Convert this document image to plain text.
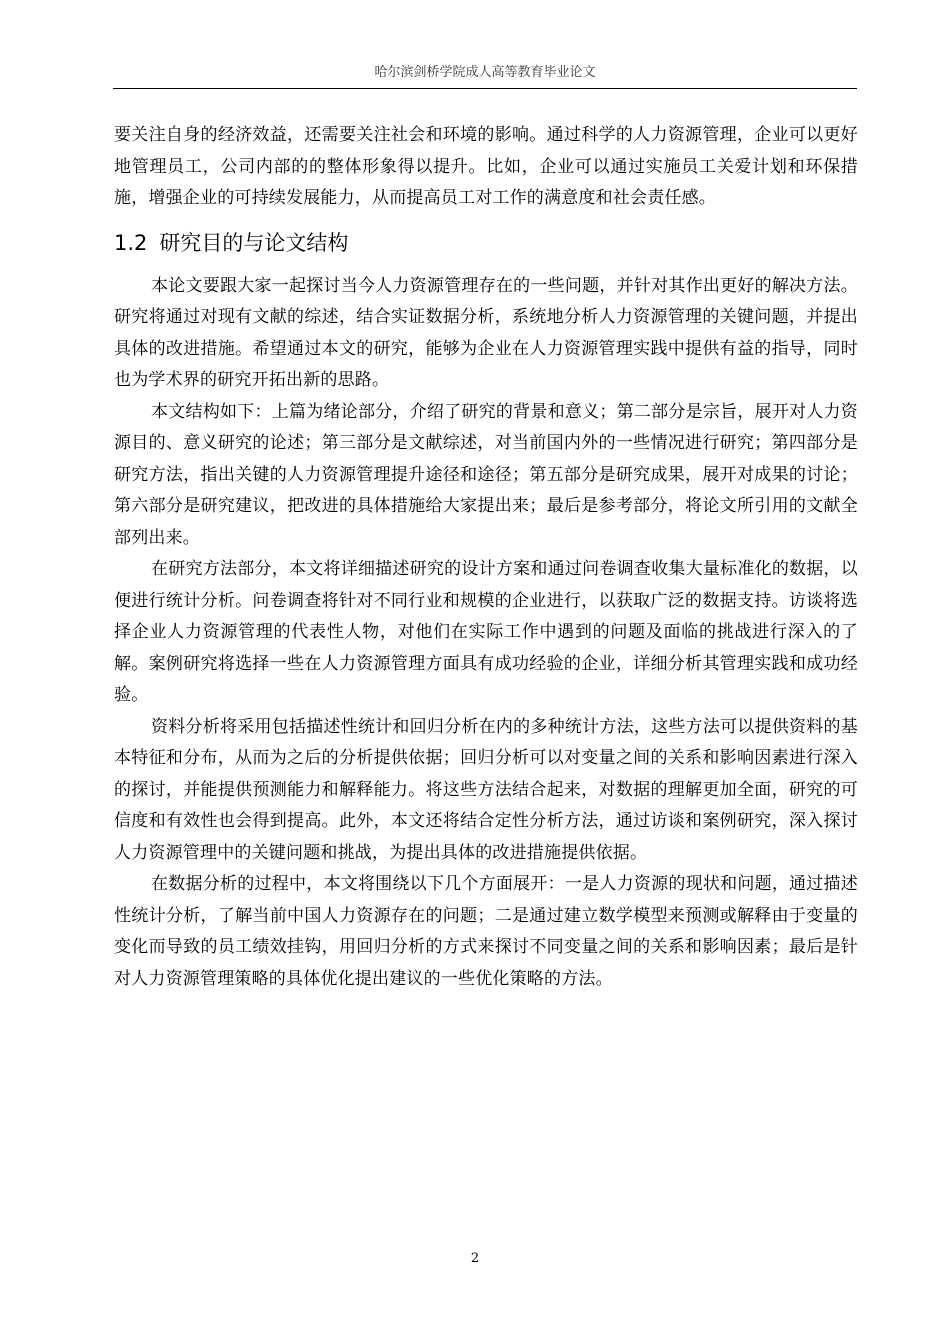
哈尔滨剑桥学院成人高等教育毕业论文

要关注自身的经济效益，还需要关注社会和环境的影响。通过科学的人力资源管理，企业可以更好地管理员工，公司内部的的整体形象得以提升。比如，企业可以通过实施员工关爱计划和环保措施，增强企业的可持续发展能力，从而提高员工对工作的满意度和社会责任感。

1.2 研究目的与论文结构

本论文要跟大家一起探讨当今人力资源管理存在的一些问题，并针对其作出更好的解决方法。研究将通过对现有文献的综述，结合实证数据分析，系统地分析人力资源管理的关键问题，并提出具体的改进措施。希望通过本文的研究，能够为企业在人力资源管理实践中提供有益的指导，同时也为学术界的研究开拓出新的思路。

本文结构如下：上篇为绪论部分，介绍了研究的背景和意义；第二部分是宗旨，展开对人力资源目的、意义研究的论述；第三部分是文献综述，对当前国内外的一些情况进行研究；第四部分是研究方法，指出关键的人力资源管理提升途径和途径；第五部分是研究成果，展开对成果的讨论；第六部分是研究建议，把改进的具体措施给大家提出来；最后是参考部分，将论文所引用的文献全部列出来。

在研究方法部分，本文将详细描述研究的设计方案和通过问卷调查收集大量标准化的数据，以便进行统计分析。问卷调查将针对不同行业和规模的企业进行，以获取广泛的数据支持。访谈将选择企业人力资源管理的代表性人物，对他们在实际工作中遇到的问题及面临的挑战进行深入的了解。案例研究将选择一些在人力资源管理方面具有成功经验的企业，详细分析其管理实践和成功经验。

资料分析将采用包括描述性统计和回归分析在内的多种统计方法，这些方法可以提供资料的基本特征和分布，从而为之后的分析提供依据；回归分析可以对变量之间的关系和影响因素进行深入的探讨，并能提供预测能力和解释能力。将这些方法结合起来，对数据的理解更加全面，研究的可信度和有效性也会得到提高。此外，本文还将结合定性分析方法，通过访谈和案例研究，深入探讨人力资源管理中的关键问题和挑战，为提出具体的改进措施提供依据。

在数据分析的过程中，本文将围绕以下几个方面展开：一是人力资源的现状和问题，通过描述性统计分析，了解当前中国人力资源存在的问题；二是通过建立数学模型来预测或解释由于变量的变化而导致的员工绩效挂钩，用回归分析的方式来探讨不同变量之间的关系和影响因素；最后是针对人力资源管理策略的具体优化提出建议的一些优化策略的方法。

2
